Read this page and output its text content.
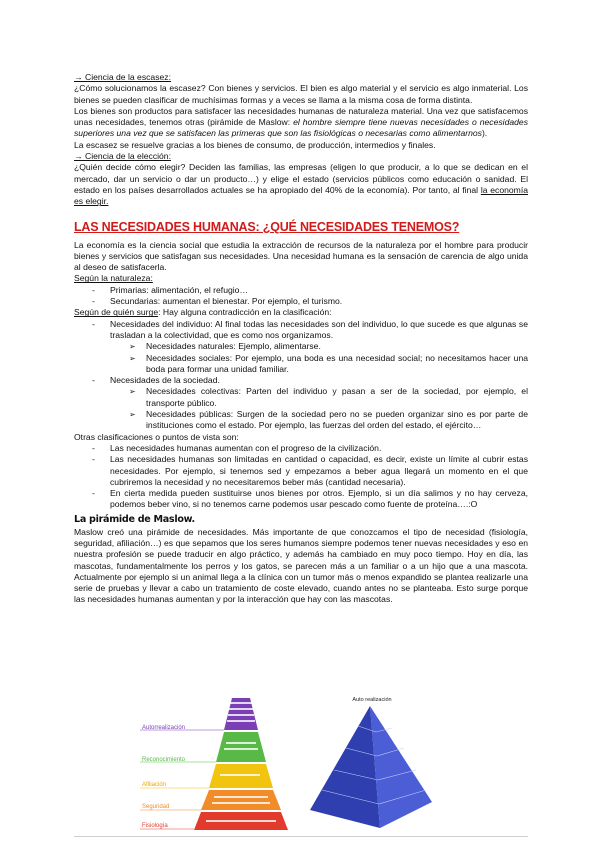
→ Ciencia de la escasez:

¿Cómo solucionamos la escasez? Con bienes y servicios. El bien es algo material y el servicio es algo inmaterial. Los bienes se pueden clasificar de muchísimas formas y a veces se llama a la misma cosa de forma distinta.

Los bienes son productos para satisfacer las necesidades humanas de naturaleza material. Una vez que satisfacemos unas necesidades, tenemos otras (pirámide de Maslow: el hombre siempre tiene nuevas necesidades o necesidades superiores una vez que se satisfacen las primeras que son las fisiológicas o necesarias como alimentarnos).

La escasez se resuelve gracias a los bienes de consumo, de producción, intermedios y finales.

→ Ciencia de la elección:

¿Quién decide cómo elegir? Deciden las familias, las empresas (eligen lo que producir, a lo que se dedican en el mercado, dar un servicio o dar un producto…) y elige el estado (servicios públicos como educación o sanidad. El estado en los países desarrollados actuales se ha apropiado del 40% de la economía). Por tanto, al final la economía es elegir.

LAS NECESIDADES HUMANAS: ¿QUÉ NECESIDADES TENEMOS?

La economía es la ciencia social que estudia la extracción de recursos de la naturaleza por el hombre para producir bienes y servicios que satisfagan sus necesidades. Una necesidad humana es la sensación de carencia de algo unida al deseo de satisfacerla.

Según la naturaleza:

- Primarias: alimentación, el refugio…
- Secundarias: aumentan el bienestar. Por ejemplo, el turismo.

Según de quién surge: Hay alguna contradicción en la clasificación:

- Necesidades del individuo: Al final todas las necesidades son del individuo, lo que sucede es que algunas se trasladan a la colectividad, que es como nos organizamos.
➢ Necesidades naturales: Ejemplo, alimentarse.
➢ Necesidades sociales: Por ejemplo, una boda es una necesidad social; no necesitamos hacer una boda para formar una unidad familiar.
- Necesidades de la sociedad.
➢ Necesidades colectivas: Parten del individuo y pasan a ser de la sociedad, por ejemplo, el transporte público.
➢ Necesidades públicas: Surgen de la sociedad pero no se pueden organizar sino es por parte de instituciones como el estado. Por ejemplo, las fuerzas del orden del estado, el ejército…

Otras clasificaciones o puntos de vista son:

- Las necesidades humanas aumentan con el progreso de la civilización.
- Las necesidades humanas son limitadas en cantidad o capacidad, es decir, existe un límite al cubrir estas necesidades. Por ejemplo, si tenemos sed y empezamos a beber agua llegará un momento en el que cubriremos la necesidad y no necesitaremos beber más (cantidad necesaria).
- En cierta medida pueden sustituirse unos bienes por otros. Ejemplo, si un día salimos y no hay cerveza, podemos beber vino, si no tenemos carne podemos usar pescado como fuente de proteína….:O
La pirámide de Maslow.

Maslow creó una pirámide de necesidades. Más importante de que conozcamos el tipo de necesidad (fisiología, seguridad, afiliación…) es que sepamos que los seres humanos siempre podemos tener nuevas necesidades y eso en nuestra profesión se puede traducir en algo práctico, y además ha cambiado en muy poco tiempo. Hoy en día, las mascotas, fundamentalmente los perros y los gatos, se parecen más a un familiar o a un hijo que a una mascota. Actualmente por ejemplo si un animal llega a la clínica con un tumor más o menos expandido se plantea realizarle una serie de pruebas y llevar a cabo un tratamiento de coste elevado, cuando antes no se planteaba. Esto surge porque las necesidades humanas aumentan y por la interacción que hay con las mascotas.

Auto realización
Autorrealización
Reconocimiento
Afiliación
Seguridad
Fisiología
